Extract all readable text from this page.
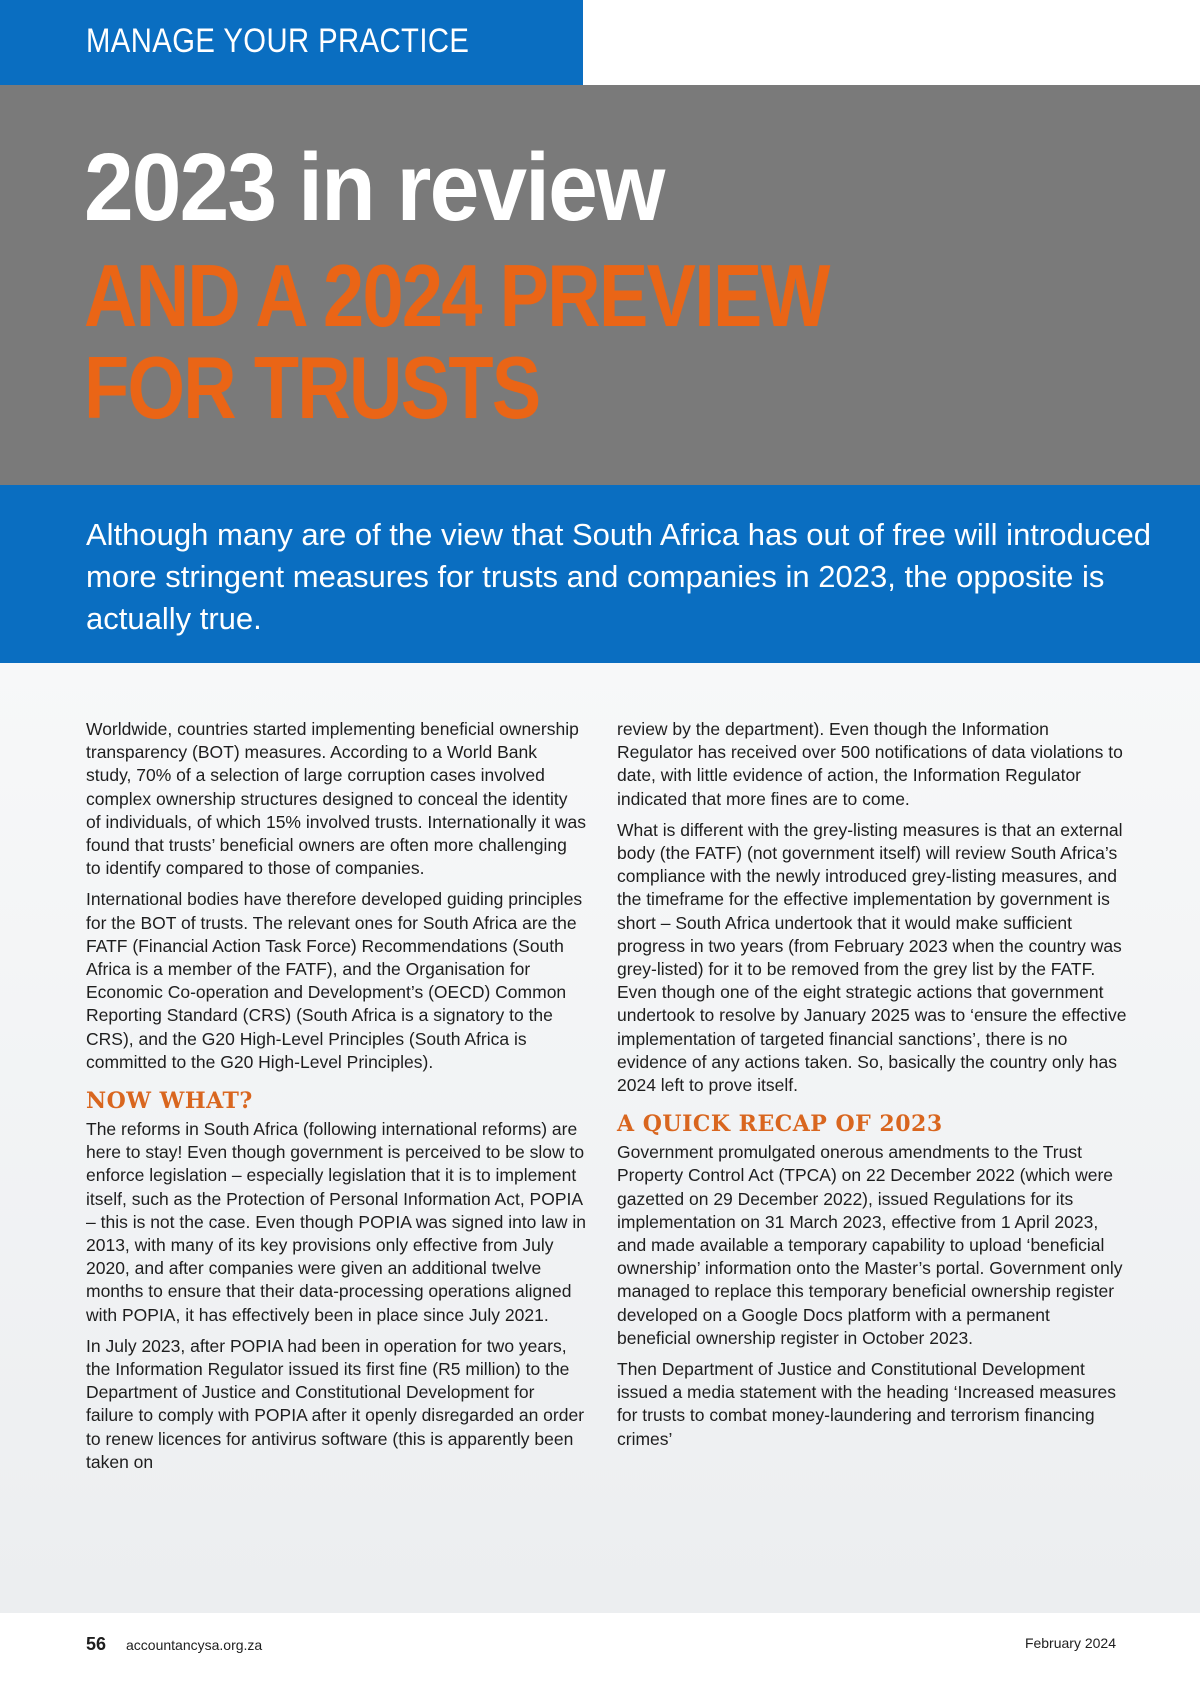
MANAGE YOUR PRACTICE
2023 in review
AND A 2024 PREVIEW
FOR TRUSTS

Although many are of the view that South Africa has out of free will introduced more stringent measures for trusts and companies in 2023, the opposite is actually true.

Worldwide, countries started implementing beneficial ownership transparency (BOT) measures. According to a World Bank study, 70% of a selection of large corruption cases involved complex ownership structures designed to conceal the identity of individuals, of which 15% involved trusts. Internationally it was found that trusts’ beneficial owners are often more challenging to identify compared to those of companies.

International bodies have therefore developed guiding principles for the BOT of trusts. The relevant ones for South Africa are the FATF (Financial Action Task Force) Recommendations (South Africa is a member of the FATF), and the Organisation for Economic Co-operation and Development’s (OECD) Common Reporting Standard (CRS) (South Africa is a signatory to the CRS), and the G20 High-Level Principles (South Africa is committed to the G20 High-Level Principles).

NOW WHAT?

The reforms in South Africa (following international reforms) are here to stay! Even though government is perceived to be slow to enforce legislation – especially legislation that it is to implement itself, such as the Protection of Personal Information Act, POPIA – this is not the case. Even though POPIA was signed into law in 2013, with many of its key provisions only effective from July 2020, and after companies were given an additional twelve months to ensure that their data-processing operations aligned with POPIA, it has effectively been in place since July 2021.

In July 2023, after POPIA had been in operation for two years, the Information Regulator issued its first fine (R5 million) to the Department of Justice and Constitutional Development for failure to comply with POPIA after it openly disregarded an order to renew licences for antivirus software (this is apparently been taken on

review by the department). Even though the Information Regulator has received over 500 notifications of data violations to date, with little evidence of action, the Information Regulator indicated that more fines are to come.

What is different with the grey-listing measures is that an external body (the FATF) (not government itself) will review South Africa’s compliance with the newly introduced grey-listing measures, and the timeframe for the effective implementation by government is short – South Africa undertook that it would make sufficient progress in two years (from February 2023 when the country was grey-listed) for it to be removed from the grey list by the FATF. Even though one of the eight strategic actions that government undertook to resolve by January 2025 was to ‘ensure the effective implementation of targeted financial sanctions’, there is no evidence of any actions taken. So, basically the country only has 2024 left to prove itself.

A QUICK RECAP OF 2023

Government promulgated onerous amendments to the Trust Property Control Act (TPCA) on 22 December 2022 (which were gazetted on 29 December 2022), issued Regulations for its implementation on 31 March 2023, effective from 1 April 2023, and made available a temporary capability to upload ‘beneficial ownership’ information onto the Master’s portal. Government only managed to replace this temporary beneficial ownership register developed on a Google Docs platform with a permanent beneficial ownership register in October 2023.

Then Department of Justice and Constitutional Development issued a media statement with the heading ‘Increased measures for trusts to combat money-laundering and terrorism financing crimes’

56 accountancysa.org.za	February 2024
